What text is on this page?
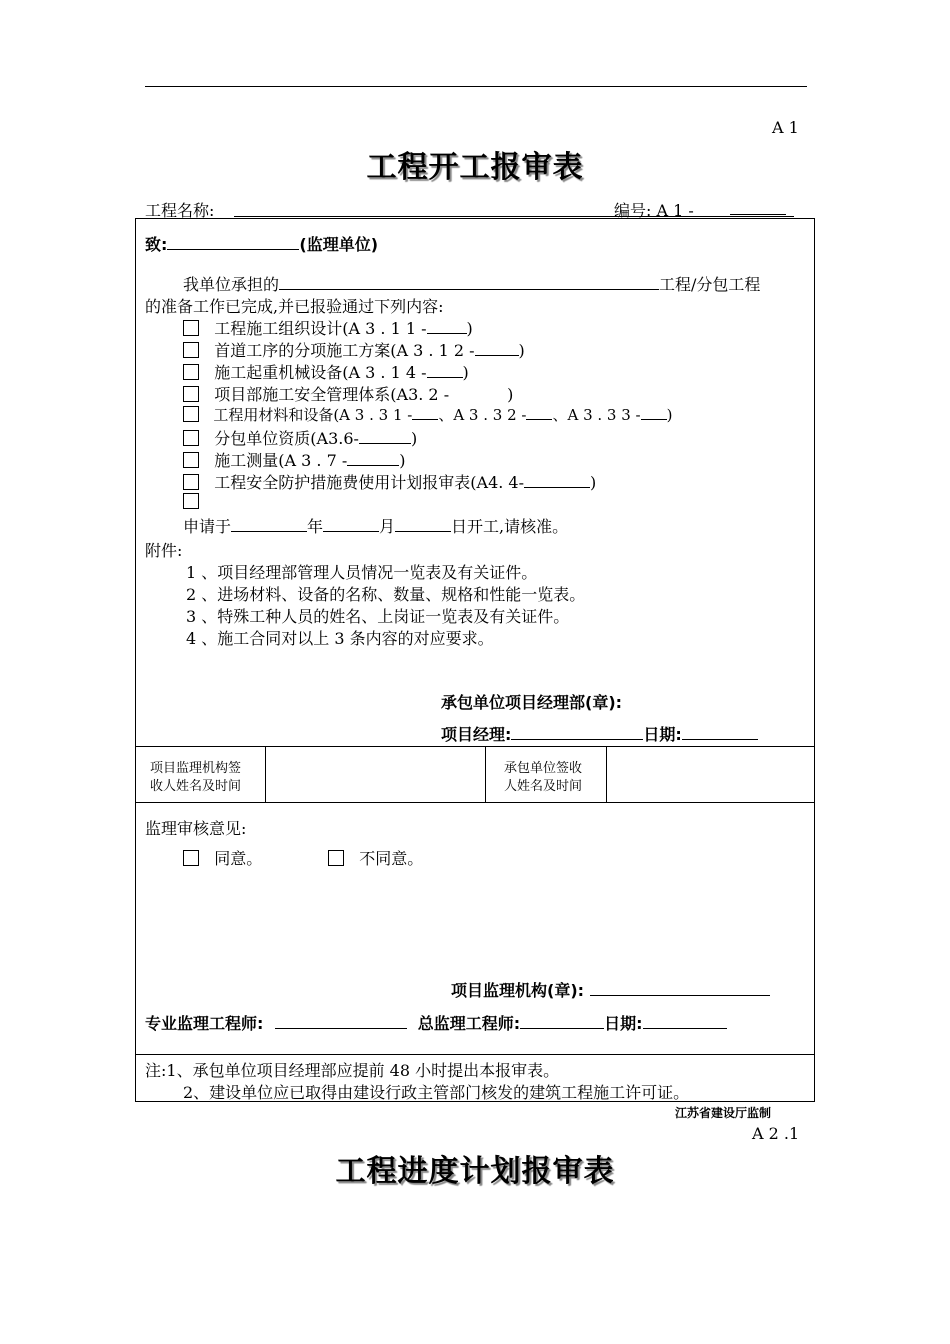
A 1
工程开工报审表
工程名称:	编号: A 1 -
致:	(监理单位)
我单位承担的	工程/分包工程
的准备工作已完成,并已报验通过下列内容:
工程施工组织设计(A 3 . 1 1 -	)
首道工序的分项施工方案(A 3 . 1 2 -	)
施工起重机械设备(A 3 . 1 4 - )
项目部施工安全管理体系(A3. 2 -	)
工程用材料和设备(A 3 . 3 1 - 、A 3 . 3 2 - 、A 3 . 3 3 - )
分包单位资质(A3.6-	)
施工测量(A 3 . 7 -	)
工程安全防护措施费使用计划报审表(A4. 4-	)
申请于	年	月	日开工,请核准。
附件:
1 、项目经理部管理人员情况一览表及有关证件。
2 、进场材料、设备的名称、数量、规格和性能一览表。
3 、特殊工种人员的姓名、上岗证一览表及有关证件。
4 、施工合同对以上 3 条内容的对应要求。
承包单位项目经理部(章):
项目经理:	日期:
项目监理机构签
收人姓名及时间
承包单位签收
人姓名及时间
监理审核意见:
同意。	不同意。
项目监理机构(章):
专业监理工程师:	总监理工程师:	日期:
注:1、承包单位项目经理部应提前 48 小时提出本报审表。
2、建设单位应已取得由建设行政主管部门核发的建筑工程施工许可证。
江苏省建设厅监制
A 2 .1
工程进度计划报审表
